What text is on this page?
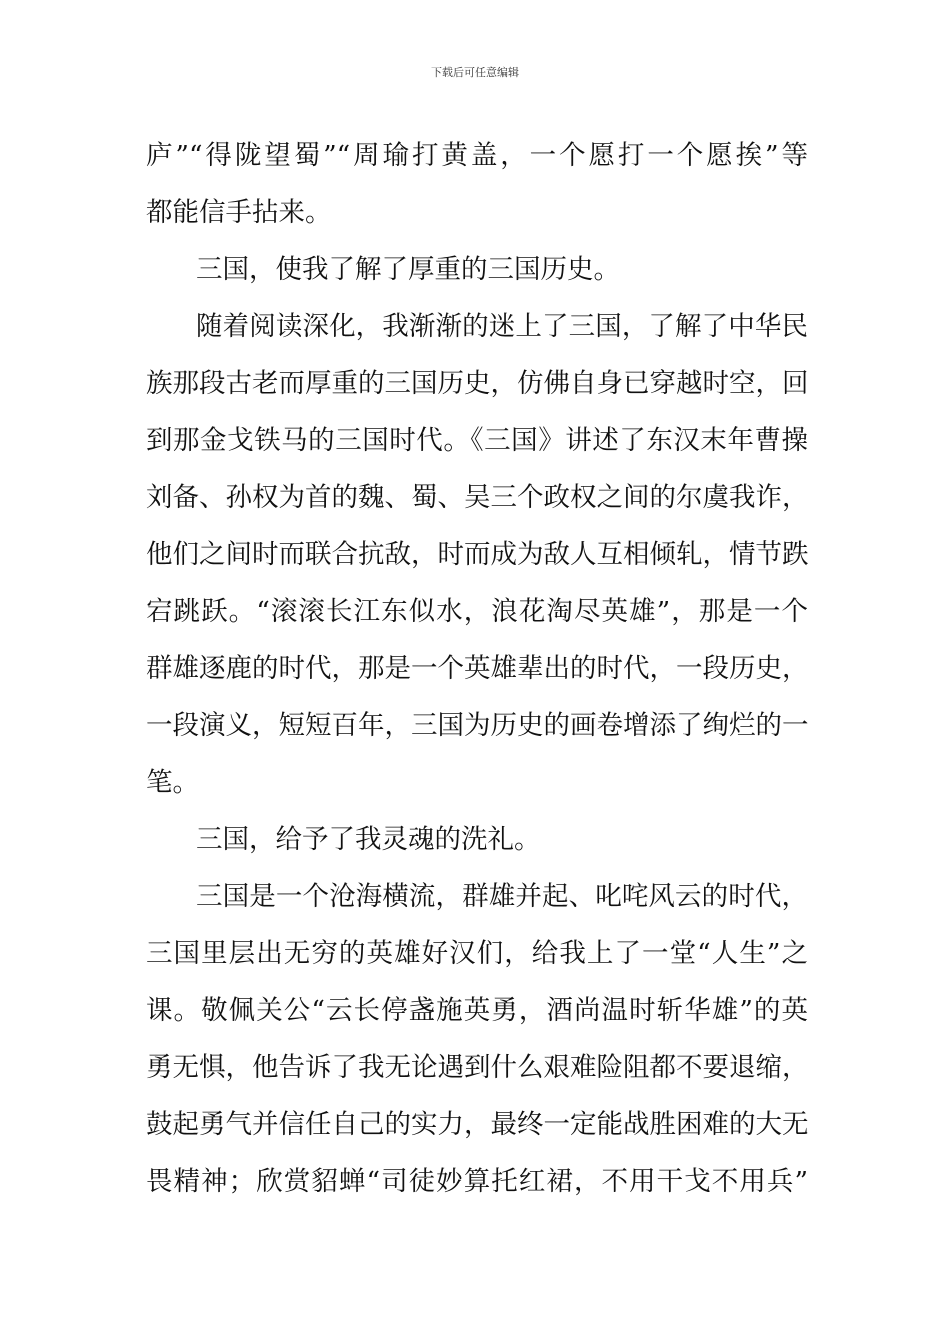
下载后可任意编辑
庐”“得陇望蜀”“周瑜打黄盖，一个愿打一个愿挨”等
都能信手拈来。
三国，使我了解了厚重的三国历史。
随着阅读深化，我渐渐的迷上了三国，了解了中华民
族那段古老而厚重的三国历史，仿佛自身已穿越时空，回
到那金戈铁马的三国时代。《三国》讲述了东汉末年曹操
刘备、孙权为首的魏、蜀、吴三个政权之间的尔虞我诈，
他们之间时而联合抗敌，时而成为敌人互相倾轧，情节跌
宕跳跃。“滚滚长江东似水，浪花淘尽英雄”，那是一个
群雄逐鹿的时代，那是一个英雄辈出的时代，一段历史，
一段演义，短短百年，三国为历史的画卷增添了绚烂的一
笔。
三国，给予了我灵魂的洗礼。
三国是一个沧海横流，群雄并起、叱咤风云的时代，
三国里层出无穷的英雄好汉们，给我上了一堂“人生”之
课。敬佩关公“云长停盏施英勇，酒尚温时斩华雄”的英
勇无惧，他告诉了我无论遇到什么艰难险阻都不要退缩，
鼓起勇气并信任自己的实力，最终一定能战胜困难的大无
畏精神；欣赏貂蝉“司徒妙算托红裙，不用干戈不用兵”
